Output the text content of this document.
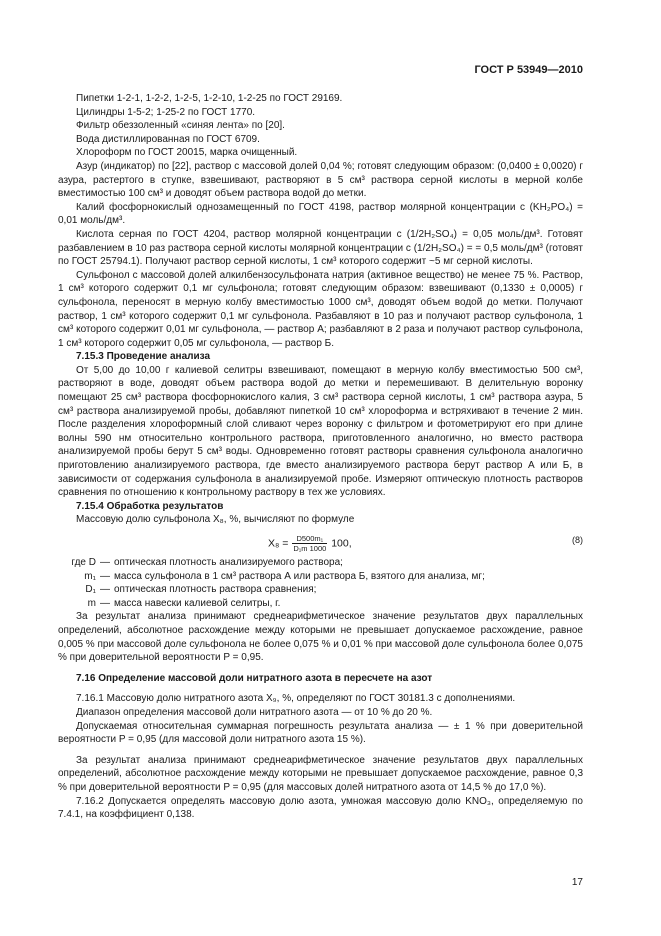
ГОСТ Р 53949—2010

Пипетки 1-2-1, 1-2-2, 1-2-5, 1-2-10, 1-2-25 по ГОСТ 29169.

Цилиндры 1-5-2; 1-25-2 по ГОСТ 1770.

Фильтр обеззоленный «синяя лента» по [20].

Вода дистиллированная по ГОСТ 6709.

Хлороформ по ГОСТ 20015, марка очищенный.

Азур (индикатор) по [22], раствор с массовой долей 0,04 %; готовят следующим образом: (0,0400 ± 0,0020) г азура, растертого в ступке, взвешивают, растворяют в 5 см³ раствора серной кислоты в мерной колбе вместимостью 100 см³ и доводят объем раствора водой до метки.

Калий фосфорнокислый однозамещенный по ГОСТ 4198, раствор молярной концентрации c (KH₂PO₄) = 0,01 моль/дм³.

Кислота серная по ГОСТ 4204, раствор молярной концентрации c (1/2H₂SO₄) = 0,05 моль/дм³. Готовят разбавлением в 10 раз раствора серной кислоты молярной концентрации c (1/2H₂SO₄) = = 0,5 моль/дм³ (готовят по ГОСТ 25794.1). Получают раствор серной кислоты, 1 см³ которого содержит ~5 мг серной кислоты.

Сульфонол с массовой долей алкилбензосульфоната натрия (активное вещество) не менее 75 %. Раствор, 1 см³ которого содержит 0,1 мг сульфонола; готовят следующим образом: взвешивают (0,1330 ± 0,0005) г сульфонола, переносят в мерную колбу вместимостью 1000 см³, доводят объем водой до метки. Получают раствор, 1 см³ которого содержит 0,1 мг сульфонола. Разбавляют в 10 раз и получают раствор сульфонола, 1 см³ которого содержит 0,01 мг сульфонола, — раствор А; разбавляют в 2 раза и получают раствор сульфонола, 1 см³ которого содержит 0,05 мг сульфонола, — раствор Б.

7.15.3 Проведение анализа

От 5,00 до 10,00 г калиевой селитры взвешивают, помещают в мерную колбу вместимостью 500 см³, растворяют в воде, доводят объем раствора водой до метки и перемешивают. В делительную воронку помещают 25 см³ раствора фосфорнокислого калия, 3 см³ раствора серной кислоты, 1 см³ раствора азура, 5 см³ раствора анализируемой пробы, добавляют пипеткой 10 см³ хлороформа и встряхивают в течение 2 мин. После разделения хлороформный слой сливают через воронку с фильтром и фотометрируют его при длине волны 590 нм относительно контрольного раствора, приготовленного аналогично, но вместо раствора анализируемой пробы берут 5 см³ воды. Одновременно готовят растворы сравнения сульфонола аналогично приготовлению анализируемого раствора, где вместо анализируемого раствора берут раствор А или Б, в зависимости от содержания сульфонола в анализируемой пробе. Измеряют оптическую плотность растворов сравнения по отношению к контрольному раствору в тех же условиях.

7.15.4 Обработка результатов

Массовую долю сульфонола X₈, %, вычисляют по формуле

$X_8 = \frac{\text{D500m₁}}{\text{D₁m 1000}} 100$,	(8)
где D — оптическая плотность анализируемого раствора;
m₁ — масса сульфонола в 1 см³ раствора А или раствора Б, взятого для анализа, мг;
D₁ — оптическая плотность раствора сравнения;
m — масса навески калиевой селитры, г.

За результат анализа принимают среднеарифметическое значение результатов двух параллельных определений, абсолютное расхождение между которыми не превышает допускаемое расхождение, равное 0,005 % при массовой доле сульфонола не более 0,075 % и 0,01 % при массовой доле сульфонола более 0,075 % при доверительной вероятности P = 0,95.

7.16 Определение массовой доли нитратного азота в пересчете на азот

7.16.1 Массовую долю нитратного азота X₉, %, определяют по ГОСТ 30181.3 с дополнениями.

Диапазон определения массовой доли нитратного азота — от 10 % до 20 %.

Допускаемая относительная суммарная погрешность результата анализа — ± 1 % при доверительной вероятности P = 0,95 (для массовой доли нитратного азота 15 %).

За результат анализа принимают среднеарифметическое значение результатов двух параллельных определений, абсолютное расхождение между которыми не превышает допускаемое расхождение, равное 0,3 % при доверительной вероятности P = 0,95 (для массовых долей нитратного азота от 14,5 % до 17,0 %).

7.16.2 Допускается определять массовую долю азота, умножая массовую долю KNO₃, определяемую по 7.4.1, на коэффициент 0,138.

17
